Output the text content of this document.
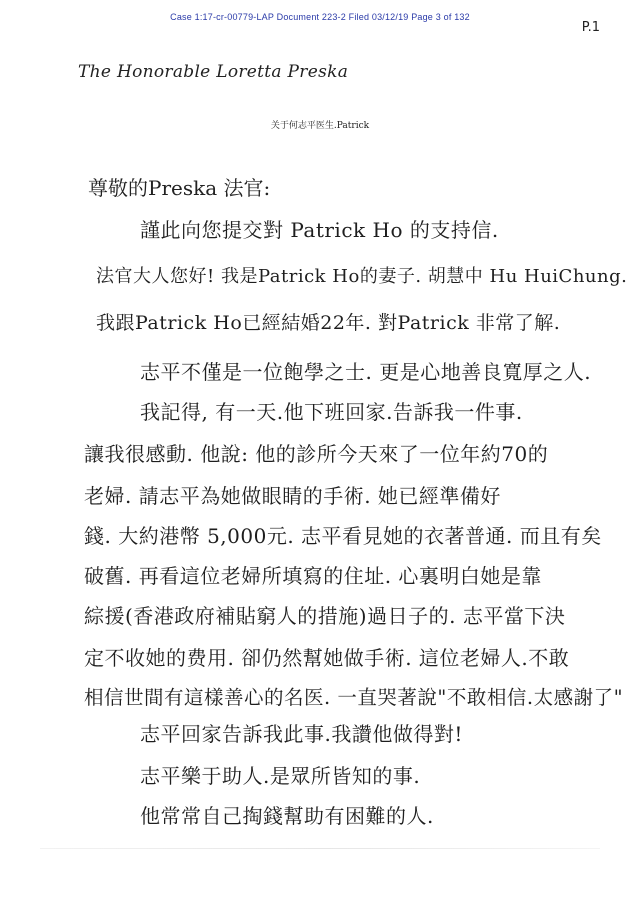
Case 1:17-cr-00779-LAP Document 223-2 Filed 03/12/19 Page 3 of 132
P.1
The Honorable Loretta Preska
关于何志平医生.Patrick
尊敬的Preska 法官:
謹此向您提交對 Patrick Ho 的支持信.
法官大人您好! 我是Patrick Ho的妻子. 胡慧中 Hu HuiChung.
我跟Patrick Ho已經結婚22年. 對Patrick 非常了解.
志平不僅是一位飽學之士. 更是心地善良寬厚之人.
我記得, 有一天.他下班回家.告訴我一件事.
讓我很感動. 他說: 他的診所今天來了一位年約70的
老婦. 請志平為她做眼睛的手術. 她已經準備好
錢. 大約港幣 5,000元. 志平看見她的衣著普通. 而且有矣
破舊. 再看這位老婦所填寫的住址. 心裏明白她是靠
綜援(香港政府補貼窮人的措施)過日子的. 志平當下決
定不收她的费用. 卻仍然幫她做手術. 這位老婦人.不敢
相信世間有這樣善心的名医. 一直哭著說"不敢相信.太感謝了"
志平回家告訴我此事.我讚他做得對!
志平樂于助人.是眾所皆知的事.
他常常自己掏錢幫助有困難的人.
